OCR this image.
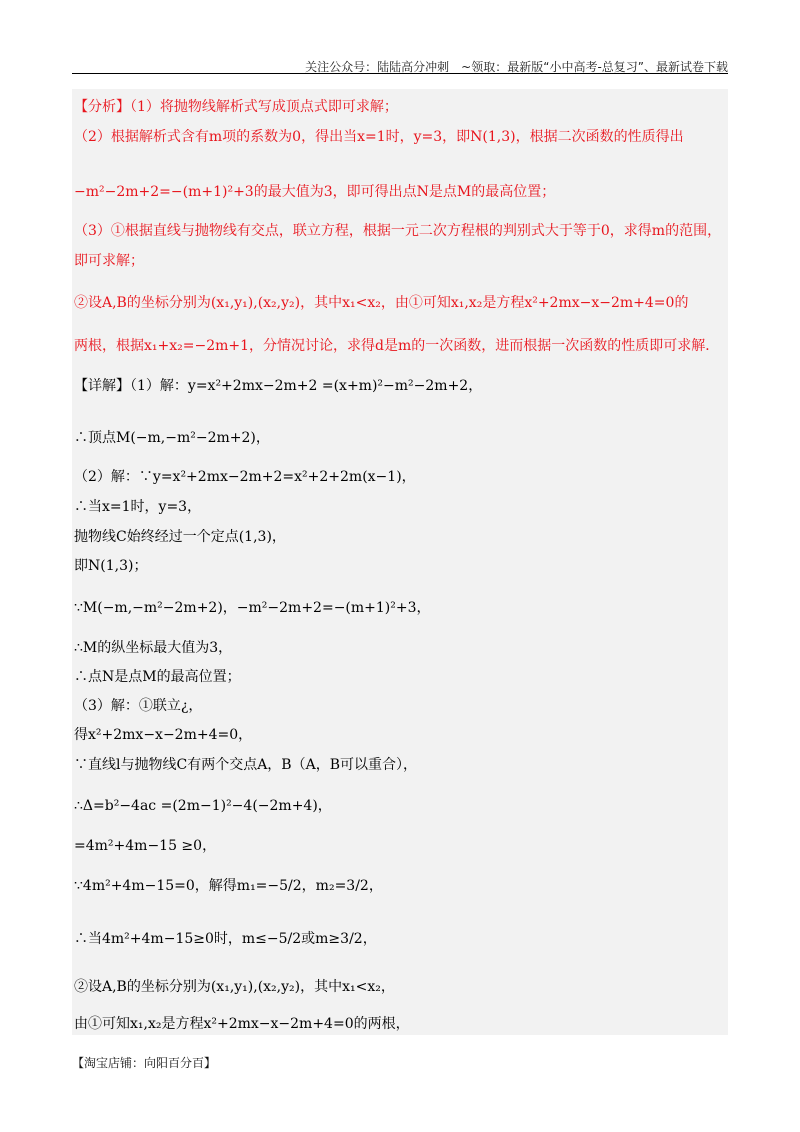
关注公众号：陆陆高分冲刺　~领取：最新版“小中高考-总复习”、最新试卷下载
【分析】（1）将抛物线解析式写成顶点式即可求解；
（2）根据解析式含有m项的系数为0，得出当x=1时，y=3，即N(1,3)，根据二次函数的性质得出
−m²−2m+2=−(m+1)²+3的最大值为3，即可得出点N是点M的最高位置；
（3）①根据直线与抛物线有交点，联立方程，根据一元二次方程根的判别式大于等于0，求得m的范围，
即可求解；
②设A,B的坐标分别为(x₁,y₁),(x₂,y₂)，其中x₁<x₂，由①可知x₁,x₂是方程x²+2mx−x−2m+4=0的
两根，根据x₁+x₂=−2m+1，分情况讨论，求得d是m的一次函数，进而根据一次函数的性质即可求解．
【详解】（1）解：y=x²+2mx−2m+2 =(x+m)²−m²−2m+2，
∴顶点M(−m,−m²−2m+2)，
（2）解：∵y=x²+2mx−2m+2=x²+2+2m(x−1)，
∴当x=1时，y=3，
抛物线C始终经过一个定点(1,3)，
即N(1,3)；
∵M(−m,−m²−2m+2)，−m²−2m+2=−(m+1)²+3，
∴M的纵坐标最大值为3，
∴点N是点M的最高位置；
（3）解：①联立¿，
得x²+2mx−x−2m+4=0，
∵直线l与抛物线C有两个交点A，B（A，B可以重合），
∴Δ=b²−4ac =(2m−1)²−4(−2m+4)，
=4m²+4m−15 ≥0，
∵4m²+4m−15=0，解得m₁=−5/2，m₂=3/2，
∴当4m²+4m−15≥0时，m≤−5/2或m≥3/2，
②设A,B的坐标分别为(x₁,y₁),(x₂,y₂)，其中x₁<x₂，
由①可知x₁,x₂是方程x²+2mx−x−2m+4=0的两根，
【淘宝店铺：向阳百分百】
